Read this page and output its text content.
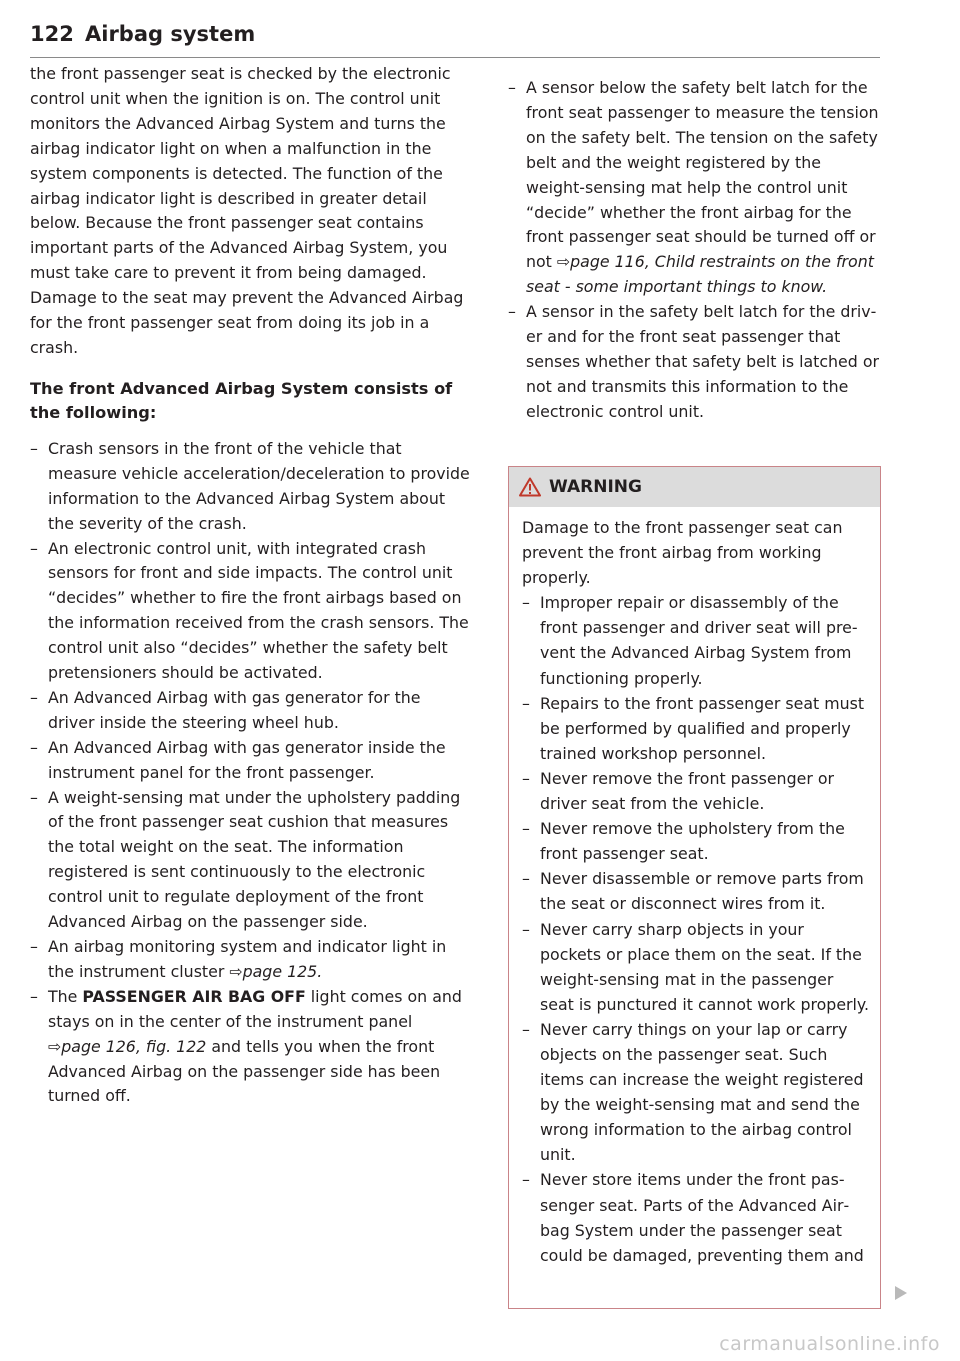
122 Airbag system

the front passenger seat is checked by the electronic control unit when the ignition is on. The control unit monitors the Advanced Airbag System and turns the airbag indicator light on when a malfunction in the system components is detected. The function of the airbag indicator light is described in greater detail below. Because the front passenger seat contains important parts of the Advanced Airbag System, you must take care to prevent it from being damaged. Damage to the seat may prevent the Advanced Airbag for the front passenger seat from doing its job in a crash.

The front Advanced Airbag System consists of the following:

– Crash sensors in the front of the vehicle that measure vehicle acceleration/deceleration to provide information to the Advanced Airbag System about the severity of the crash.
– An electronic control unit, with integrated crash sensors for front and side impacts. The control unit “decides” whether to fire the front airbags based on the information received from the crash sensors. The control unit also “decides” whether the safety belt pretensioners should be activated.
– An Advanced Airbag with gas generator for the driver inside the steering wheel hub.
– An Advanced Airbag with gas generator inside the instrument panel for the front passenger.
– A weight-sensing mat under the upholstery padding of the front passenger seat cushion that measures the total weight on the seat. The information registered is sent continuously to the electronic control unit to regulate deployment of the front Advanced Airbag on the passenger side.
– An airbag monitoring system and indicator light in the instrument cluster ⇨page 125.
– The PASSENGER AIR BAG OFF light comes on and stays on in the center of the instrument panel ⇨page 126, fig. 122 and tells you when the front Advanced Airbag on the passenger side has been turned off.
– A sensor below the safety belt latch for the front seat passenger to measure the tension on the safety belt. The tension on the safety belt and the weight registered by the weight-sensing mat help the control unit “decide” whether the front airbag for the front passenger seat should be turned off or not ⇨page 116, Child restraints on the front seat - some important things to know.
– A sensor in the safety belt latch for the driver and for the front seat passenger that senses whether that safety belt is latched or not and transmits this information to the electronic control unit.
WARNING

Damage to the front passenger seat can prevent the front airbag from working properly.

– Improper repair or disassembly of the front passenger and driver seat will prevent the Advanced Airbag System from functioning properly.
– Repairs to the front passenger seat must be performed by qualified and properly trained workshop personnel.
– Never remove the front passenger or driver seat from the vehicle.
– Never remove the upholstery from the front passenger seat.
– Never disassemble or remove parts from the seat or disconnect wires from it.
– Never carry sharp objects in your pockets or place them on the seat. If the weight-sensing mat in the passenger seat is punctured it cannot work properly.
– Never carry things on your lap or carry objects on the passenger seat. Such items can increase the weight registered by the weight-sensing mat and send the wrong information to the airbag control unit.
– Never store items under the front passenger seat. Parts of the Advanced Airbag System under the passenger seat could be damaged, preventing them and
carmanualsonline.info
